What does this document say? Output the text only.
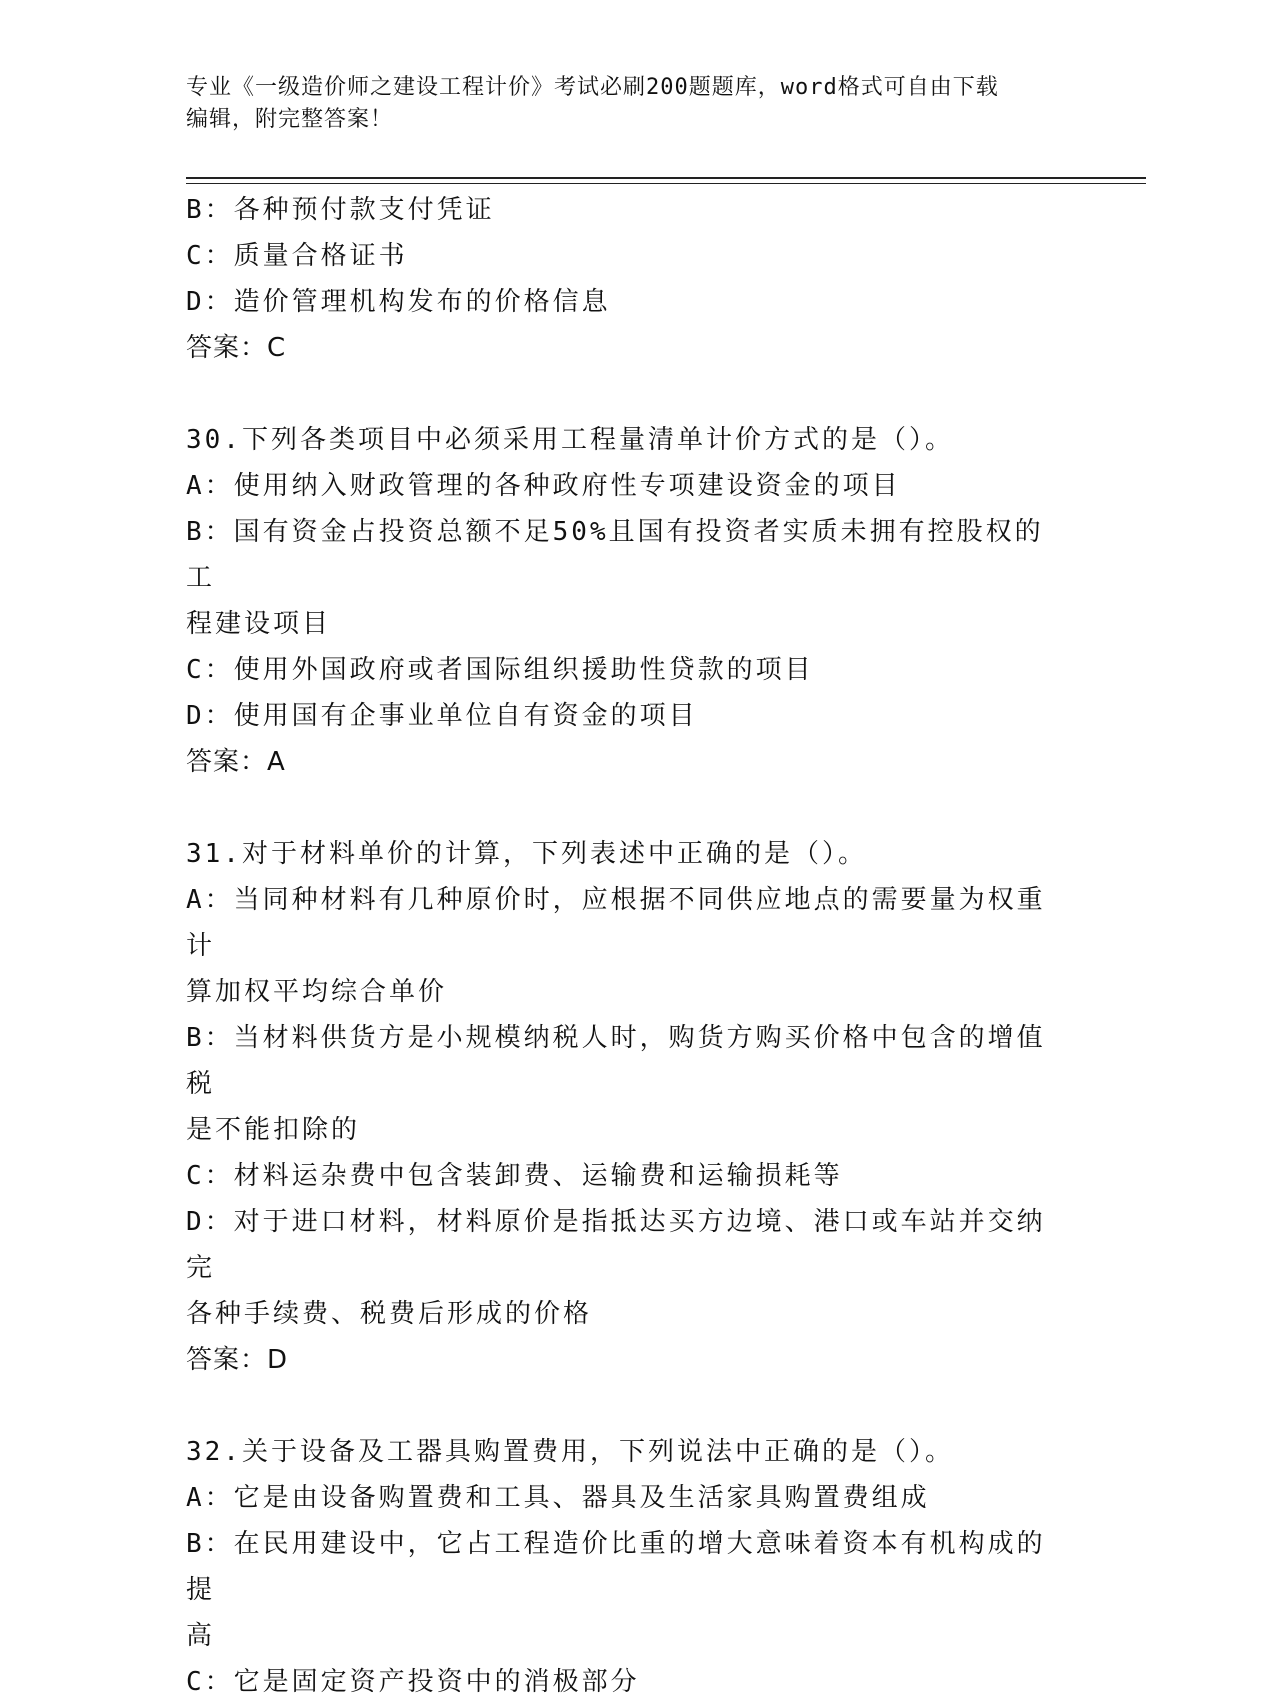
专业《一级造价师之建设工程计价》考试必刷200题题库，word格式可自由下载

编辑，附完整答案！

B：各种预付款支付凭证

C：质量合格证书

D：造价管理机构发布的价格信息

答案：C

30.下列各类项目中必须采用工程量清单计价方式的是（）。

A：使用纳入财政管理的各种政府性专项建设资金的项目

B：国有资金占投资总额不足50%且国有投资者实质未拥有控股权的工

程建设项目

C：使用外国政府或者国际组织援助性贷款的项目

D：使用国有企事业单位自有资金的项目

答案：A

31.对于材料单价的计算，下列表述中正确的是（）。

A：当同种材料有几种原价时，应根据不同供应地点的需要量为权重计

算加权平均综合单价

B：当材料供货方是小规模纳税人时，购货方购买价格中包含的增值税

是不能扣除的

C：材料运杂费中包含装卸费、运输费和运输损耗等

D：对于进口材料，材料原价是指抵达买方边境、港口或车站并交纳完

各种手续费、税费后形成的价格

答案：D

32.关于设备及工器具购置费用，下列说法中正确的是（）。

A：它是由设备购置费和工具、器具及生活家具购置费组成

B：在民用建设中，它占工程造价比重的增大意味着资本有机构成的提

高

C：它是固定资产投资中的消极部分
